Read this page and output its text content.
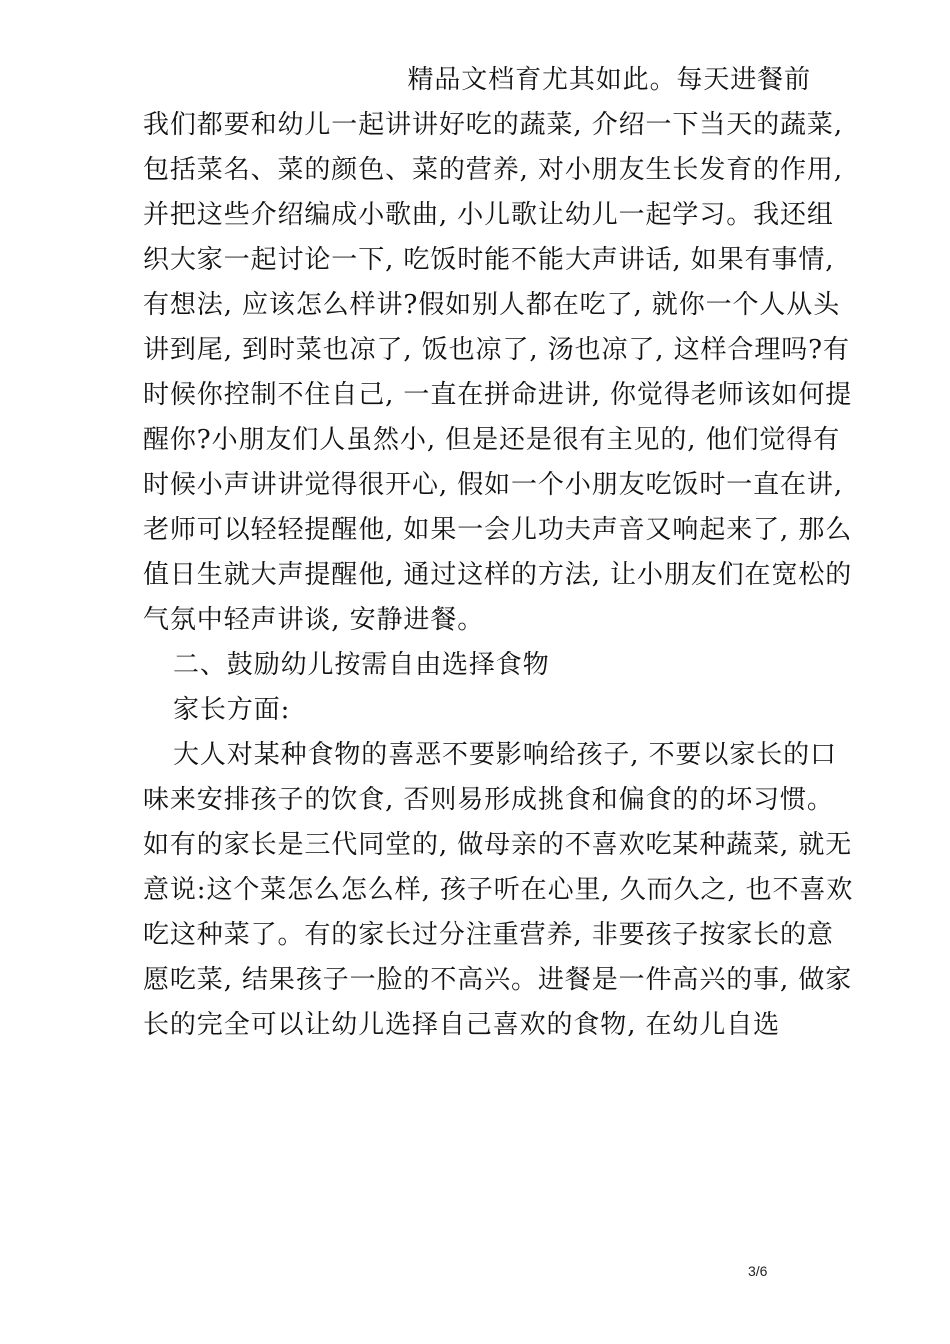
精品文档育尤其如此。每天进餐前
我们都要和幼儿一起讲讲好吃的蔬菜, 介绍一下当天的蔬菜,
包括菜名、菜的颜色、菜的营养, 对小朋友生长发育的作用,
并把这些介绍编成小歌曲, 小儿歌让幼儿一起学习。我还组
织大家一起讨论一下, 吃饭时能不能大声讲话, 如果有事情,
有想法, 应该怎么样讲?假如别人都在吃了, 就你一个人从头
讲到尾, 到时菜也凉了, 饭也凉了, 汤也凉了, 这样合理吗?有
时候你控制不住自己, 一直在拼命进讲, 你觉得老师该如何提
醒你?小朋友们人虽然小, 但是还是很有主见的, 他们觉得有
时候小声讲讲觉得很开心, 假如一个小朋友吃饭时一直在讲,
老师可以轻轻提醒他, 如果一会儿功夫声音又响起来了, 那么
值日生就大声提醒他, 通过这样的方法, 让小朋友们在宽松的
气氛中轻声讲谈, 安静进餐。
二、鼓励幼儿按需自由选择食物
家长方面:
大人对某种食物的喜恶不要影响给孩子, 不要以家长的口
味来安排孩子的饮食, 否则易形成挑食和偏食的的坏习惯。
如有的家长是三代同堂的, 做母亲的不喜欢吃某种蔬菜, 就无
意说:这个菜怎么怎么样, 孩子听在心里, 久而久之, 也不喜欢
吃这种菜了。有的家长过分注重营养, 非要孩子按家长的意
愿吃菜, 结果孩子一脸的不高兴。进餐是一件高兴的事, 做家
长的完全可以让幼儿选择自己喜欢的食物, 在幼儿自选
3/6
